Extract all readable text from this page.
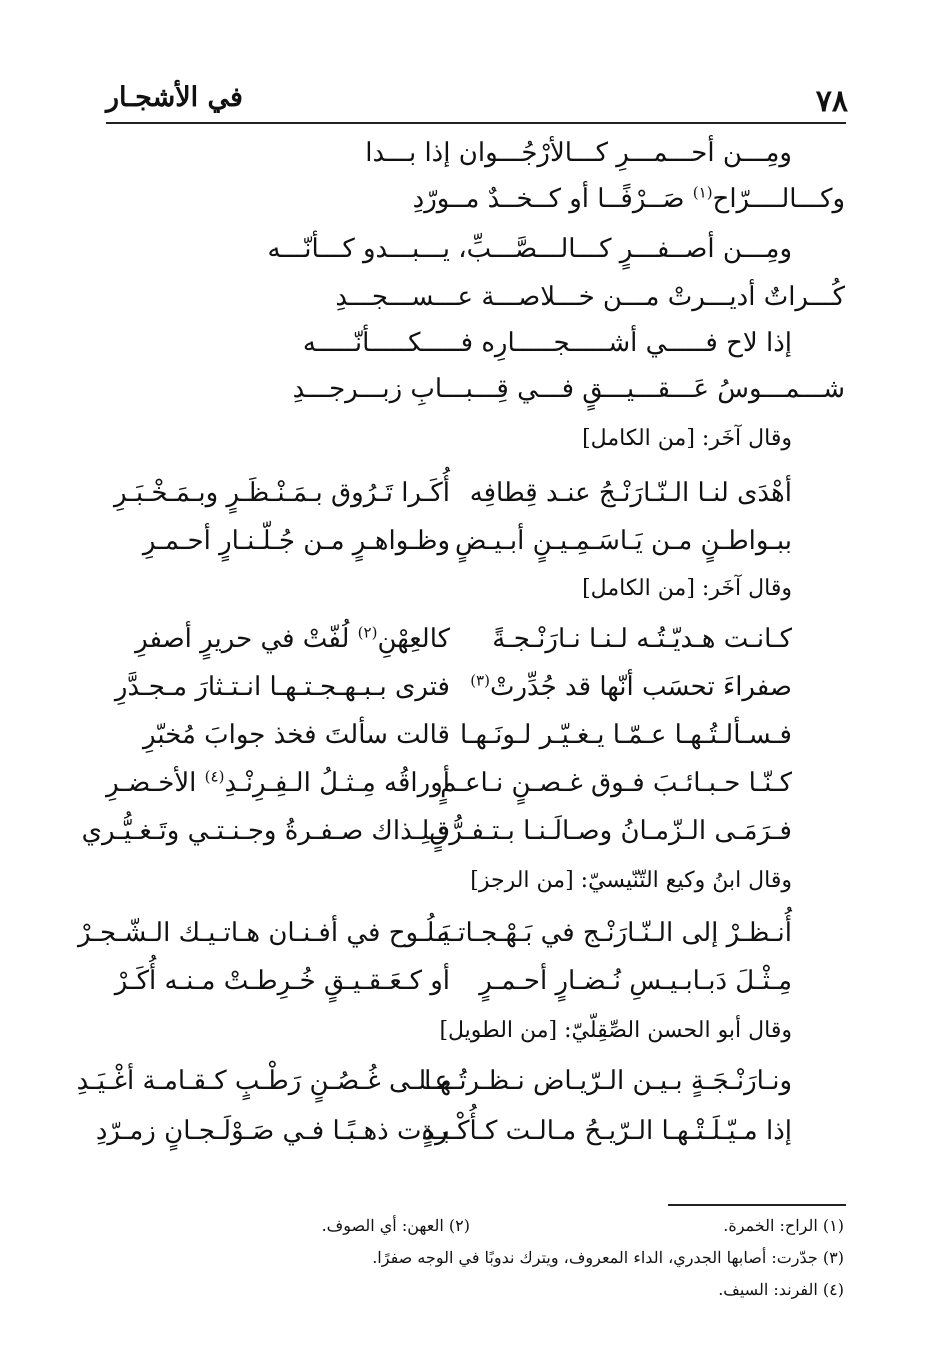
٧٨
في الأشجـار
ومِـــن أحـــمـــرِ كـــالأرْجُـــوان إذا بـــدا
وكـــالــــرّاح$^{(١)}$ صَــرْفًــا أو كــخــدٌ مــورّدِ
ومِـــن أصــفـــرٍ كـــالـــصَّـــبِّ، يـــبـــدو كـــأنّـــه
كُـــراتٌ أديـــرتْ مـــن خـــلاصـــة عـــســـجـــدِ
إذا لاح فـــــي أشـــــجـــــارِه فـــــكـــــأنّـــــه
شـــمـــوسُ عَـــقـــيـــقٍ فـــي قِـــبـــابِ زبـــرجـــدِ
وقال آخَر: [من الكامل]
أهْدَى لنـا الـنّـارَنْـجُ عنـد قِطافِه
أُكَـرا تَـرُوق بـمَـنْـظَـرٍ وبـمَـخْـبَـرِ
ببـواطـنٍ مـن يَـاسَـمِـيـنٍ أبـيـضٍ
وظـواهـرٍ مـن جُـلّـنـارٍ أحـمـرِ
وقال آخَر: [من الكامل]
كـانـت هـديّـتُـه لـنـا نـارَنْـجـةً
كالعِهْنِ$^{(٢)}$ لُفّتْ في حريرٍ أصفرِ
صفراءَ تحسَب أنّها قد جُدِّرتْ$^{(٣)}$
فترى بـبـهـجـتـهـا انـتـثارَ مـجـدَّرِ
فـسـألـتُـهـا عـمّـا يـغـيّـر لـونَـهـا
قالت سألتَ فخذ جوابَ مُخبّرِ
كـنّـا حـبـائـبَ فـوق غـصـنٍ نـاعـمٍ
أوراقُه مِـثـلُ الـفِـرِنْـدِ$^{(٤)}$ الأخـضـرِ
فـرَمَـى الـزّمـانُ وصـالَـنـا بـتـفـرُّقٍ
فـلِـذاك صـفـرةُ وجـنـتـي وتَـغـيُّـري
وقال ابنُ وكيع التّنّيسيّ: [من الرجز]
أُنـظـرْ إلى الـنّـارَنْـج في بَـهْـجـاتـه
يَـلُـوح في أفـنـان هـاتـيـك الـشّـجـرْ
مِـثْـلَ دَبـابـيـسِ نُـضـارٍ أحـمـرٍ
أو كـعَـقـيـقٍ خُـرِطـتْ مـنـه أُكَـرْ
وقال أبو الحسن الصِّقِلّيّ: [من الطويل]
ونـارَنْـجَـةٍ بـيـن الـرّيـاض نـظـرتُـهـا
عـلـى غُـصُـنٍ رَطْـبٍ كـقـامـة أغْـيَـدِ
إذا مـيّـلَـتْـهـا الـرّيـحُ مـالـت كـأُكْـرةٍ
بـدت ذهـبًـا فـي صَـوْلَـجـانٍ زمـرّدِ
(١) الراح: الخمرة.
(٢) العهن: أي الصوف.
(٣) جدّرت: أصابها الجدري، الداء المعروف، ويترك ندوبًا في الوجه صفرًا.
(٤) الفرند: السيف.
